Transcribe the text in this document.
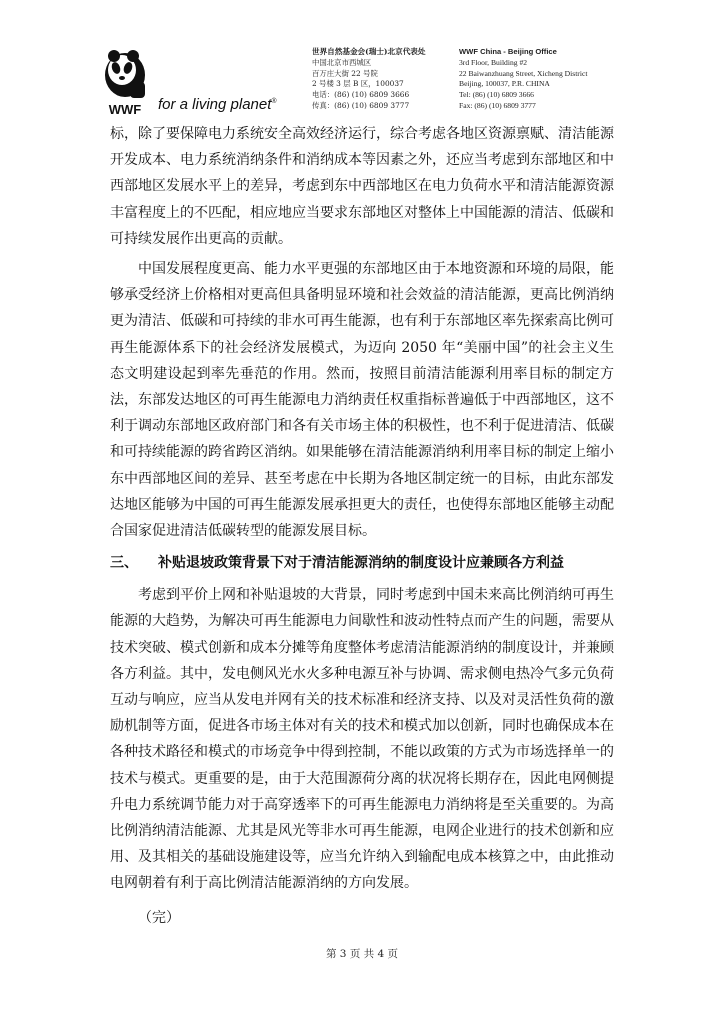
WWF for a living planet®
世界自然基金会(瑞士)北京代表处
中国北京市西城区
百万庄大街 22 号院
2 号楼 3 层 B 区，100037
电话：(86) (10) 6809 3666
传真：(86) (10) 6809 3777
WWF China - Beijing Office
3rd Floor, Building #2
22 Baiwanzhuang Street, Xicheng District
Beijing, 100037, P.R. CHINA
Tel: (86) (10) 6809 3666
Fax: (86) (10) 6809 3777

标，除了要保障电力系统安全高效经济运行，综合考虑各地区资源禀赋、清洁能源开发成本、电力系统消纳条件和消纳成本等因素之外，还应当考虑到东部地区和中西部地区发展水平上的差异，考虑到东中西部地区在电力负荷水平和清洁能源资源丰富程度上的不匹配，相应地应当要求东部地区对整体上中国能源的清洁、低碳和可持续发展作出更高的贡献。

中国发展程度更高、能力水平更强的东部地区由于本地资源和环境的局限，能够承受经济上价格相对更高但具备明显环境和社会效益的清洁能源，更高比例消纳更为清洁、低碳和可持续的非水可再生能源，也有利于东部地区率先探索高比例可再生能源体系下的社会经济发展模式，为迈向 2050 年“美丽中国”的社会主义生态文明建设起到率先垂范的作用。然而，按照目前清洁能源利用率目标的制定方法，东部发达地区的可再生能源电力消纳责任权重指标普遍低于中西部地区，这不利于调动东部地区政府部门和各有关市场主体的积极性，也不利于促进清洁、低碳和可持续能源的跨省跨区消纳。如果能够在清洁能源消纳利用率目标的制定上缩小东中西部地区间的差异、甚至考虑在中长期为各地区制定统一的目标，由此东部发达地区能够为中国的可再生能源发展承担更大的责任，也使得东部地区能够主动配合国家促进清洁低碳转型的能源发展目标。

三、	补贴退坡政策背景下对于清洁能源消纳的制度设计应兼顾各方利益

考虑到平价上网和补贴退坡的大背景，同时考虑到中国未来高比例消纳可再生能源的大趋势，为解决可再生能源电力间歇性和波动性特点而产生的问题，需要从技术突破、模式创新和成本分摊等角度整体考虑清洁能源消纳的制度设计，并兼顾各方利益。其中，发电侧风光水火多种电源互补与协调、需求侧电热冷气多元负荷互动与响应，应当从发电并网有关的技术标准和经济支持、以及对灵活性负荷的激励机制等方面，促进各市场主体对有关的技术和模式加以创新，同时也确保成本在各种技术路径和模式的市场竞争中得到控制，不能以政策的方式为市场选择单一的技术与模式。更重要的是，由于大范围源荷分离的状况将长期存在，因此电网侧提升电力系统调节能力对于高穿透率下的可再生能源电力消纳将是至关重要的。为高比例消纳清洁能源、尤其是风光等非水可再生能源，电网企业进行的技术创新和应用、及其相关的基础设施建设等，应当允许纳入到输配电成本核算之中，由此推动电网朝着有利于高比例清洁能源消纳的方向发展。

（完）
第 3 页 共 4 页
